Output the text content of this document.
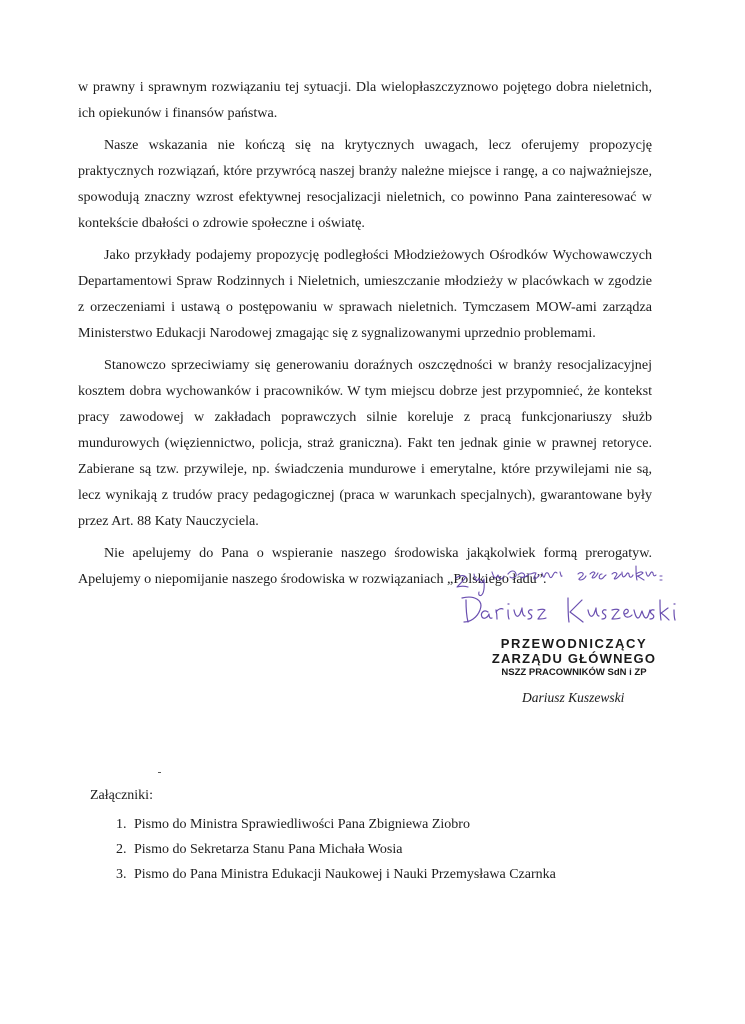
w prawny i sprawnym rozwiązaniu tej sytuacji. Dla wielopłaszczyznowo pojętego dobra nieletnich, ich opiekunów i finansów państwa.

Nasze wskazania nie kończą się na krytycznych uwagach, lecz oferujemy propozycję praktycznych rozwiązań, które przywrócą naszej branży należne miejsce i rangę, a co najważniejsze, spowodują znaczny wzrost efektywnej resocjalizacji nieletnich, co powinno Pana zainteresować w kontekście dbałości o zdrowie społeczne i oświatę.

Jako przykłady podajemy propozycję podległości Młodzieżowych Ośrodków Wychowawczych Departamentowi Spraw Rodzinnych i Nieletnich, umieszczanie młodzieży w placówkach w zgodzie z orzeczeniami i ustawą o postępowaniu w sprawach nieletnich. Tymczasem MOW-ami zarządza Ministerstwo Edukacji Narodowej zmagając się z sygnalizowanymi uprzednio problemami.

Stanowczo sprzeciwiamy się generowaniu doraźnych oszczędności w branży resocjalizacyjnej kosztem dobra wychowanków i pracowników. W tym miejscu dobrze jest przypomnieć, że kontekst pracy zawodowej w zakładach poprawczych silnie koreluje z pracą funkcjonariuszy służb mundurowych (więziennictwo, policja, straż graniczna). Fakt ten jednak ginie w prawnej retoryce. Zabierane są tzw. przywileje, np. świadczenia mundurowe i emerytalne, które przywilejami nie są, lecz wynikają z trudów pracy pedagogicznej (praca w warunkach specjalnych), gwarantowane były przez Art. 88 Katy Nauczyciela.

Nie apelujemy do Pana o wspieranie naszego środowiska jakąkolwiek formą prerogatyw. Apelujemy o niepomijanie naszego środowiska w rozwiązaniach „Polskiego ładu”.

PRZEWODNICZĄCY
ZARZĄDU GŁÓWNEGO
NSZZ PRACOWNIKÓW SdN i ZP
Dariusz Kuszewski
Załączniki:
1. Pismo do Ministra Sprawiedliwości Pana Zbigniewa Ziobro
2. Pismo do Sekretarza Stanu Pana Michała Wosia
3. Pismo do Pana Ministra Edukacji Naukowej i Nauki Przemysława Czarnka
